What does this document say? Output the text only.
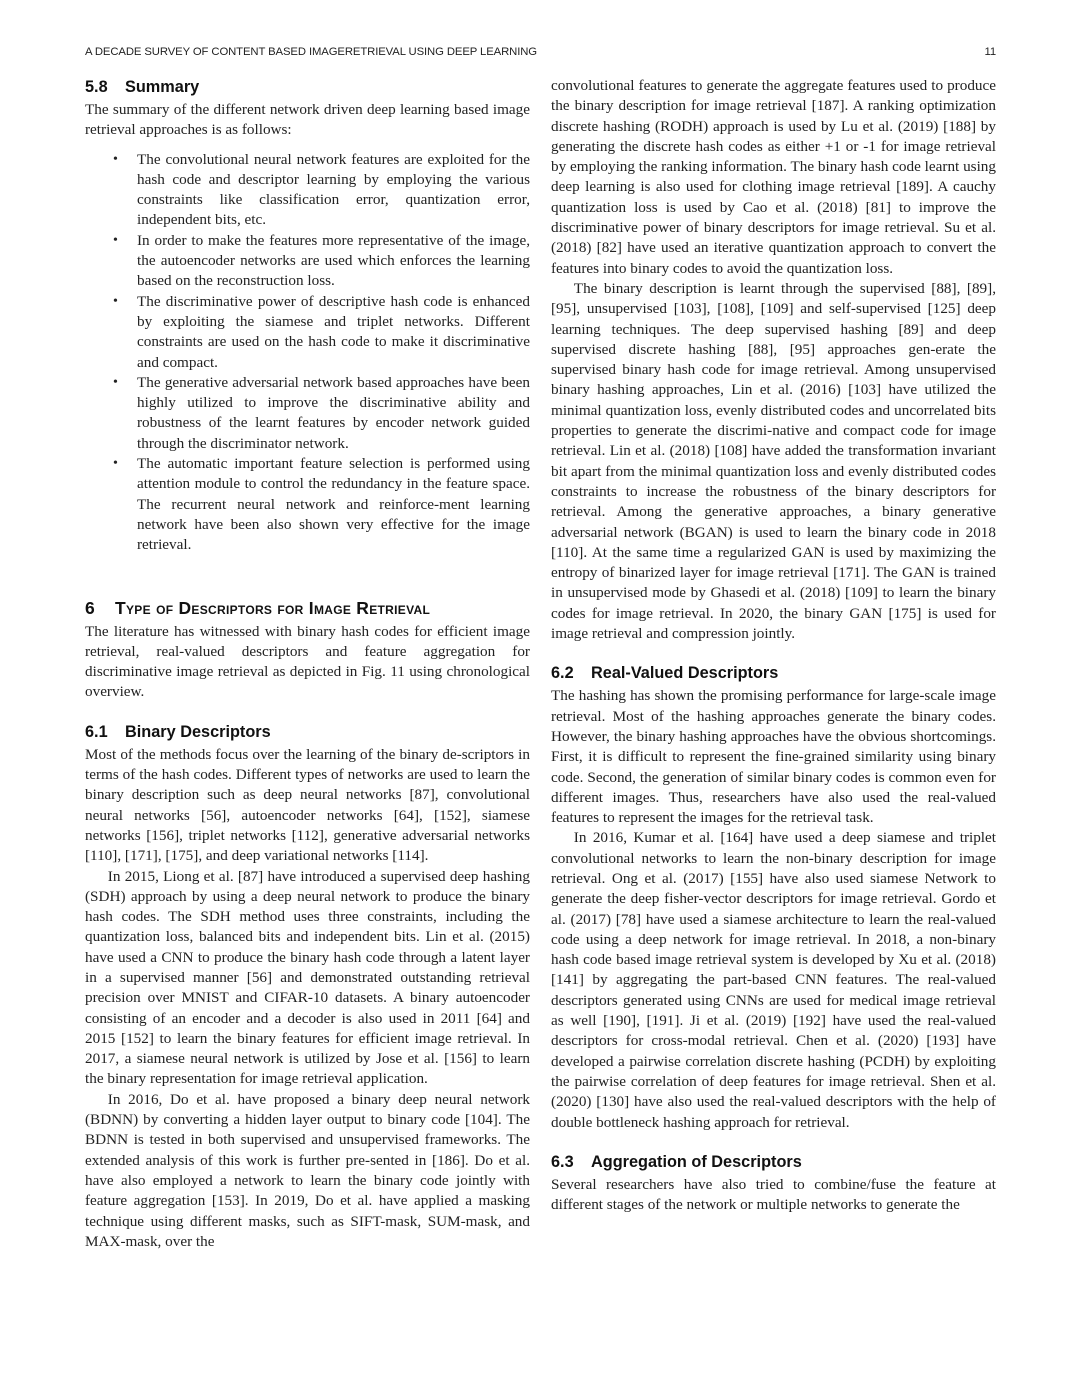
A DECADE SURVEY OF CONTENT BASED IMAGERETRIEVAL USING DEEP LEARNING	11
5.8 Summary

The summary of the different network driven deep learning based image retrieval approaches is as follows:

• The convolutional neural network features are exploited for the hash code and descriptor learning by employing the various constraints like classification error, quantization error, independent bits, etc.
• In order to make the features more representative of the image, the autoencoder networks are used which enforces the learning based on the reconstruction loss.
• The discriminative power of descriptive hash code is enhanced by exploiting the siamese and triplet networks. Different constraints are used on the hash code to make it discriminative and compact.
• The generative adversarial network based approaches have been highly utilized to improve the discriminative ability and robustness of the learnt features by encoder network guided through the discriminator network.
• The automatic important feature selection is performed using attention module to control the redundancy in the feature space. The recurrent neural network and reinforce-ment learning network have been also shown very effective for the image retrieval.
6 Type of Descriptors for Image Retrieval

The literature has witnessed with binary hash codes for efficient image retrieval, real-valued descriptors and feature aggregation for discriminative image retrieval as depicted in Fig. 11 using chronological overview.

6.1 Binary Descriptors

Most of the methods focus over the learning of the binary de-scriptors in terms of the hash codes. Different types of networks are used to learn the binary description such as deep neural networks [87], convolutional neural networks [56], autoencoder networks [64], [152], siamese networks [156], triplet networks [112], generative adversarial networks [110], [171], [175], and deep variational networks [114].

In 2015, Liong et al. [87] have introduced a supervised deep hashing (SDH) approach by using a deep neural network to produce the binary hash codes. The SDH method uses three constraints, including the quantization loss, balanced bits and independent bits. Lin et al. (2015) have used a CNN to produce the binary hash code through a latent layer in a supervised manner [56] and demonstrated outstanding retrieval precision over MNIST and CIFAR-10 datasets. A binary autoencoder consisting of an encoder and a decoder is also used in 2011 [64] and 2015 [152] to learn the binary features for efficient image retrieval. In 2017, a siamese neural network is utilized by Jose et al. [156] to learn the binary representation for image retrieval application.

In 2016, Do et al. have proposed a binary deep neural network (BDNN) by converting a hidden layer output to binary code [104]. The BDNN is tested in both supervised and unsupervised frameworks. The extended analysis of this work is further pre-sented in [186]. Do et al. have also employed a network to learn the binary code jointly with feature aggregation [153]. In 2019, Do et al. have applied a masking technique using different masks, such as SIFT-mask, SUM-mask, and MAX-mask, over the

convolutional features to generate the aggregate features used to produce the binary description for image retrieval [187]. A ranking optimization discrete hashing (RODH) approach is used by Lu et al. (2019) [188] by generating the discrete hash codes as either +1 or -1 for image retrieval by employing the ranking information. The binary hash code learnt using deep learning is also used for clothing image retrieval [189]. A cauchy quantization loss is used by Cao et al. (2018) [81] to improve the discriminative power of binary descriptors for image retrieval. Su et al. (2018) [82] have used an iterative quantization approach to convert the features into binary codes to avoid the quantization loss.

The binary description is learnt through the supervised [88], [89], [95], unsupervised [103], [108], [109] and self-supervised [125] deep learning techniques. The deep supervised hashing [89] and deep supervised discrete hashing [88], [95] approaches gen-erate the supervised binary hash code for image retrieval. Among unsupervised binary hashing approaches, Lin et al. (2016) [103] have utilized the minimal quantization loss, evenly distributed codes and uncorrelated bits properties to generate the discrimi-native and compact code for image retrieval. Lin et al. (2018) [108] have added the transformation invariant bit apart from the minimal quantization loss and evenly distributed codes constraints to increase the robustness of the binary descriptors for retrieval. Among the generative approaches, a binary generative adversarial network (BGAN) is used to learn the binary code in 2018 [110]. At the same time a regularized GAN is used by maximizing the entropy of binarized layer for image retrieval [171]. The GAN is trained in unsupervised mode by Ghasedi et al. (2018) [109] to learn the binary codes for image retrieval. In 2020, the binary GAN [175] is used for image retrieval and compression jointly.

6.2 Real-Valued Descriptors

The hashing has shown the promising performance for large-scale image retrieval. Most of the hashing approaches generate the binary codes. However, the binary hashing approaches have the obvious shortcomings. First, it is difficult to represent the fine-grained similarity using binary code. Second, the generation of similar binary codes is common even for different images. Thus, researchers have also used the real-valued features to represent the images for the retrieval task.

In 2016, Kumar et al. [164] have used a deep siamese and triplet convolutional networks to learn the non-binary description for image retrieval. Ong et al. (2017) [155] have also used siamese Network to generate the deep fisher-vector descriptors for image retrieval. Gordo et al. (2017) [78] have used a siamese architecture to learn the real-valued code using a deep network for image retrieval. In 2018, a non-binary hash code based image retrieval system is developed by Xu et al. (2018) [141] by aggregating the part-based CNN features. The real-valued descriptors generated using CNNs are used for medical image retrieval as well [190], [191]. Ji et al. (2019) [192] have used the real-valued descriptors for cross-modal retrieval. Chen et al. (2020) [193] have developed a pairwise correlation discrete hashing (PCDH) by exploiting the pairwise correlation of deep features for image retrieval. Shen et al. (2020) [130] have also used the real-valued descriptors with the help of double bottleneck hashing approach for retrieval.

6.3 Aggregation of Descriptors

Several researchers have also tried to combine/fuse the feature at different stages of the network or multiple networks to generate the
